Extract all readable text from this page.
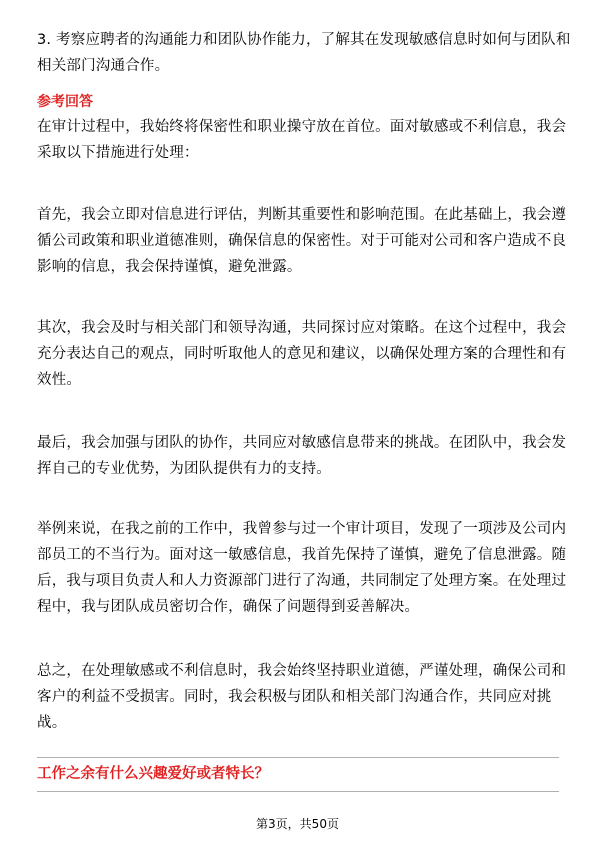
3. 考察应聘者的沟通能力和团队协作能力，了解其在发现敏感信息时如何与团队和
相关部门沟通合作。

参考回答

在审计过程中，我始终将保密性和职业操守放在首位。面对敏感或不利信息，我会
采取以下措施进行处理：

首先，我会立即对信息进行评估，判断其重要性和影响范围。在此基础上，我会遵
循公司政策和职业道德准则，确保信息的保密性。对于可能对公司和客户造成不良
影响的信息，我会保持谨慎，避免泄露。

其次，我会及时与相关部门和领导沟通，共同探讨应对策略。在这个过程中，我会
充分表达自己的观点，同时听取他人的意见和建议，以确保处理方案的合理性和有
效性。

最后，我会加强与团队的协作，共同应对敏感信息带来的挑战。在团队中，我会发
挥自己的专业优势，为团队提供有力的支持。

举例来说，在我之前的工作中，我曾参与过一个审计项目，发现了一项涉及公司内
部员工的不当行为。面对这一敏感信息，我首先保持了谨慎，避免了信息泄露。随
后，我与项目负责人和人力资源部门进行了沟通，共同制定了处理方案。在处理过
程中，我与团队成员密切合作，确保了问题得到妥善解决。

总之，在处理敏感或不利信息时，我会始终坚持职业道德，严谨处理，确保公司和
客户的利益不受损害。同时，我会积极与团队和相关部门沟通合作，共同应对挑
战。

工作之余有什么兴趣爱好或者特长？

第3页，共50页
